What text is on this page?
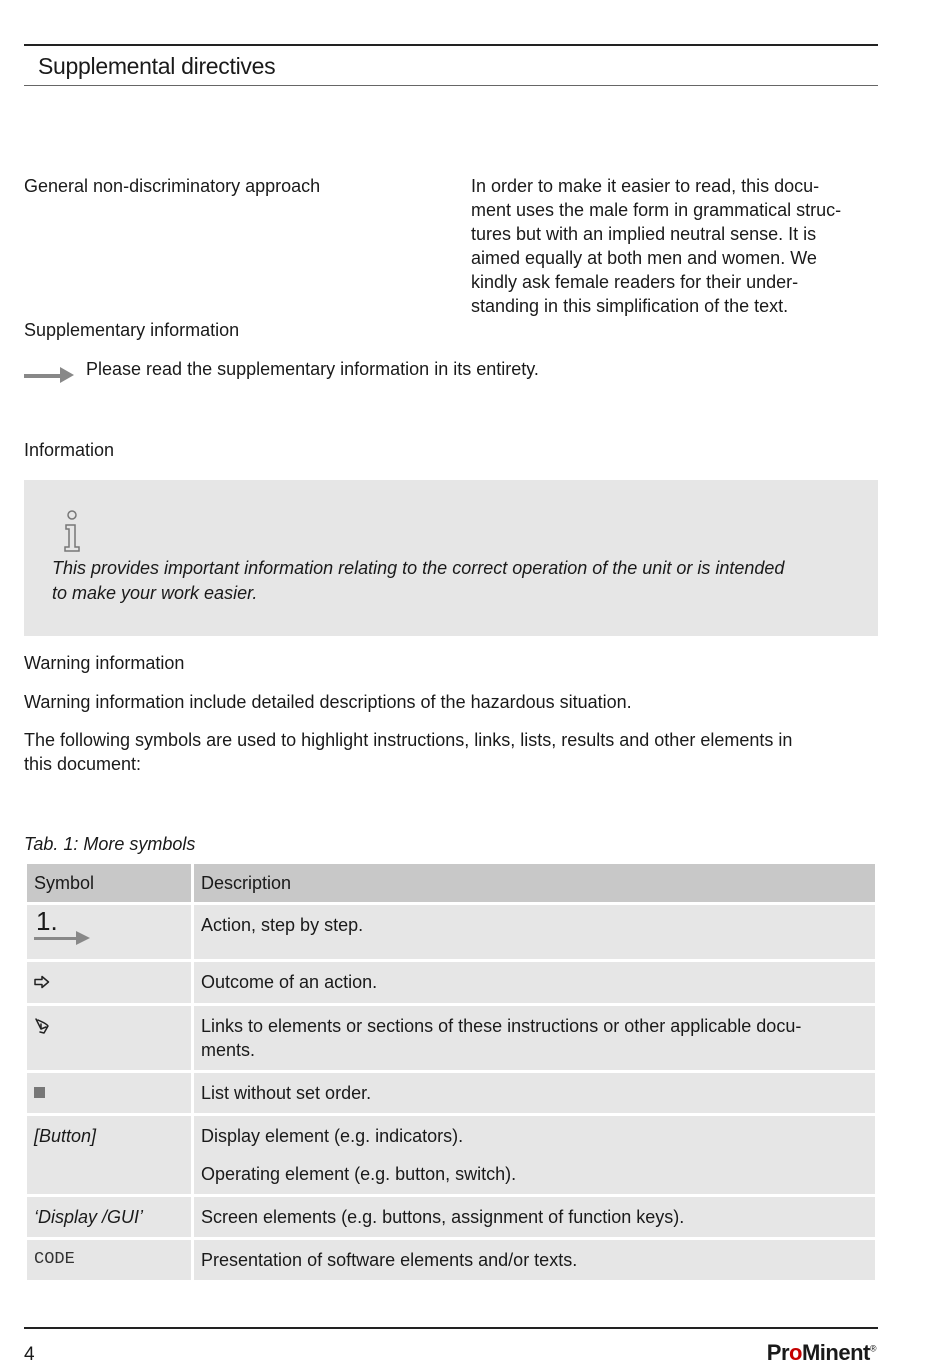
Supplemental directives
General non-discriminatory approach	In order to make it easier to read, this docu-
ment uses the male form in grammatical struc-
tures but with an implied neutral sense. It is
aimed equally at both men and women. We
kindly ask female readers for their under-
standing in this simplification of the text.

Supplementary information

Please read the supplementary information in its entirety.

Information

This provides important information relating to the correct operation of the unit or is intended
to make your work easier.

Warning information

Warning information include detailed descriptions of the hazardous situation.

The following symbols are used to highlight instructions, links, lists, results and other elements in
this document:

Tab. 1: More symbols

Symbol	Description

1.	Action, step by step.
	Outcome of an action.
	Links to elements or sections of these instructions or other applicable docu-
ments.
	List without set order.
[Button]	Display element (e.g. indicators).
Operating element (e.g. button, switch).

‘Display /GUI’	Screen elements (e.g. buttons, assignment of function keys).
CODE	Presentation of software elements and/or texts.
4	ProMinent®
